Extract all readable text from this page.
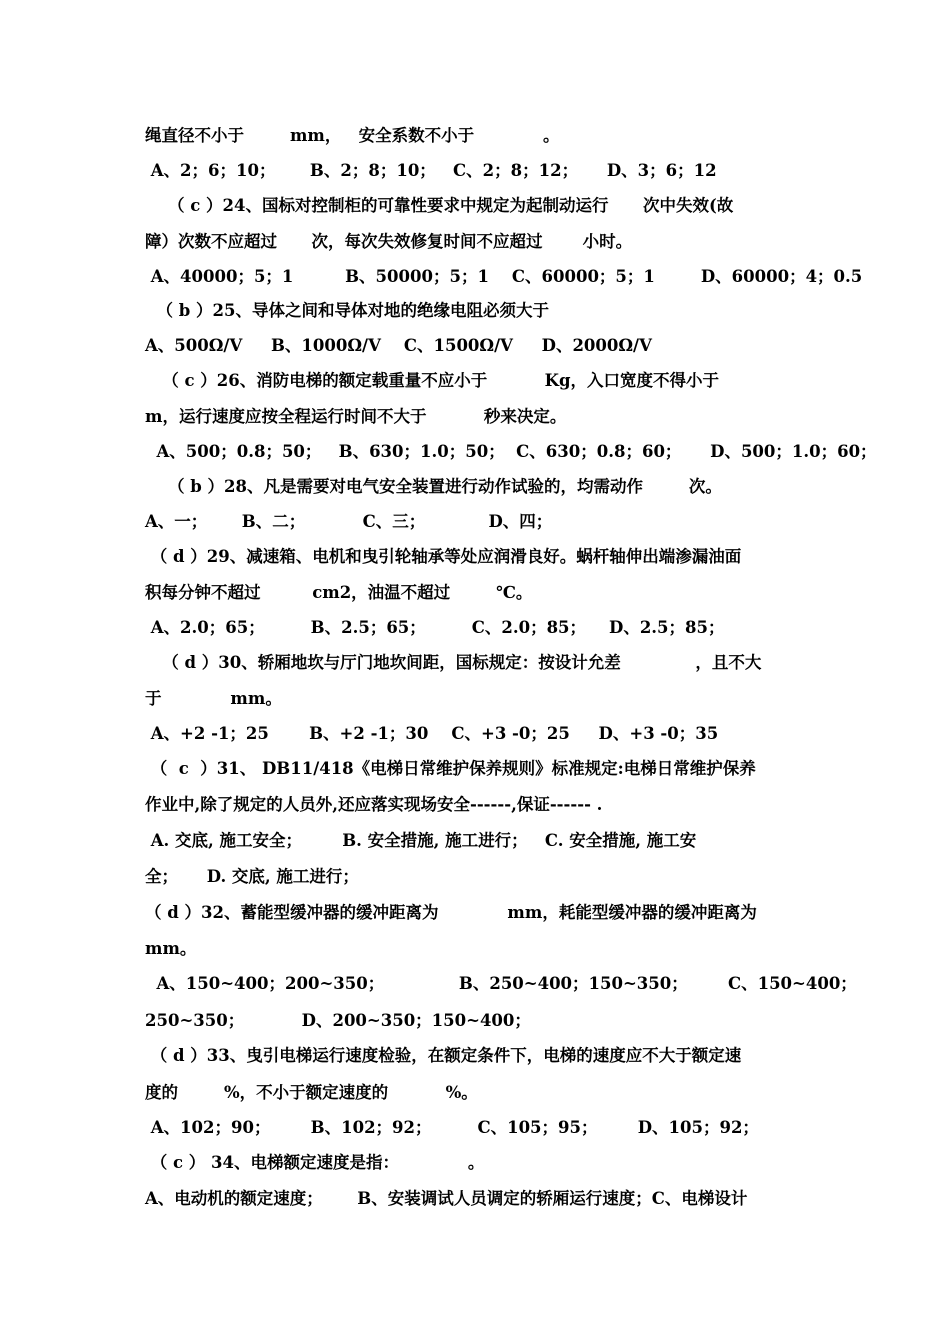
绳直径不小于        mm，   安全系数不小于            。
A、2；6；10；      B、2；8；10；   C、2；8；12；     D、3；6；12
（ c ）24、国标对控制柜的可靠性要求中规定为起制动运行      次中失效(故
障）次数不应超过      次，每次失效修复时间不应超过       小时。
A、40000；5；1         B、50000；5；1    C、60000；5；1        D、60000；4；0.5
（ b ）25、导体之间和导体对地的绝缘电阻必须大于
A、500Ω/V     B、1000Ω/V    C、1500Ω/V     D、2000Ω/V
（ c ）26、消防电梯的额定载重量不应小于          Kg，入口宽度不得小于
m，运行速度应按全程运行时间不大于          秒来决定。
A、500；0.8；50；   B、630；1.0；50；  C、630；0.8；60；     D、500；1.0；60；
（ b ）28、凡是需要对电气安全装置进行动作试验的，均需动作        次。
A、一；      B、二；          C、三；           D、四；
（ d ）29、减速箱、电机和曳引轮轴承等处应润滑良好。蜗杆轴伸出端渗漏油面
积每分钟不超过         cm2，油温不超过        ℃。
A、2.0；65；        B、2.5；65；        C、2.0；85；    D、2.5；85；
（ d ）30、轿厢地坎与厅门地坎间距，国标规定：按设计允差             ，且不大
于            mm。
A、+2 -1；25       B、+2 -1；30    C、+3 -0；25     D、+3 -0；35
（  c  ）31、 DB11/418《电梯日常维护保养规则》标准规定:电梯日常维护保养
作业中,除了规定的人员外,还应落实现场安全------,保证------ .
A. 交底, 施工安全；       B. 安全措施, 施工进行；   C. 安全措施, 施工安
全；     D. 交底, 施工进行；
（ d ）32、蓄能型缓冲器的缓冲距离为            mm，耗能型缓冲器的缓冲距离为
mm。
A、150~400；200~350；             B、250~400；150~350；       C、150~400；
250~350；          D、200~350；150~400；
（ d ）33、曳引电梯运行速度检验，在额定条件下，电梯的速度应不大于额定速
度的        %，不小于额定速度的          %。
A、102；90；       B、102；92；        C、105；95；       D、105；92；
（ c ） 34、电梯额定速度是指：            。
A、电动机的额定速度；      B、安装调试人员调定的轿厢运行速度；C、电梯设计
